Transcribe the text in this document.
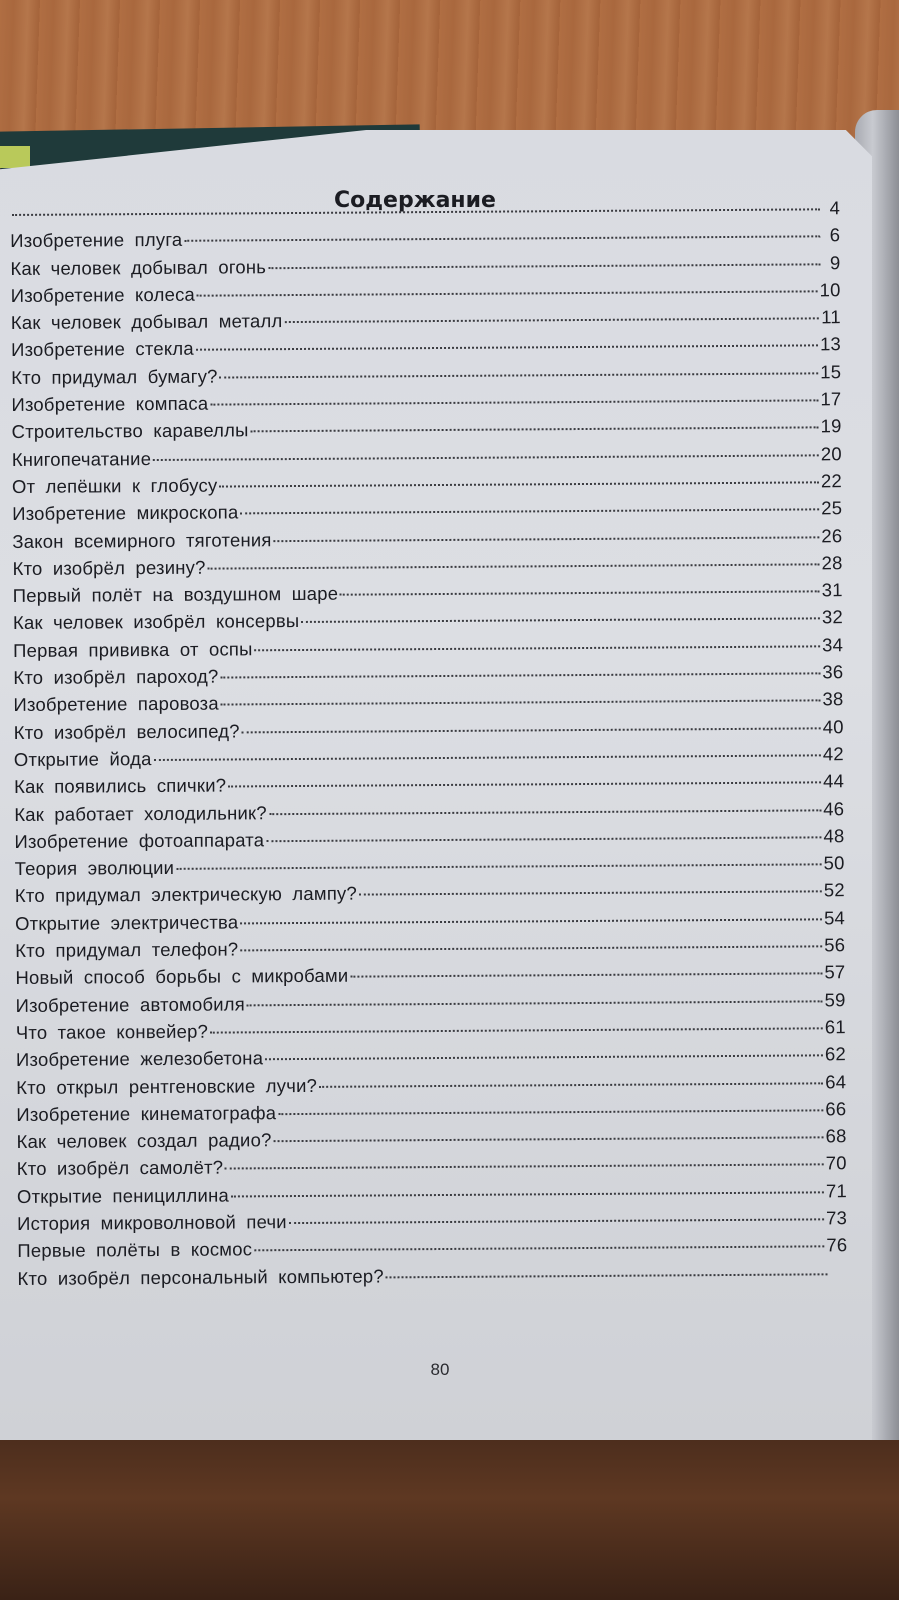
Содержание	4
Изобретение плуга	6
Как человек добывал огонь	9
Изобретение колеса	10
Как человек добывал металл	11
Изобретение стекла	13
Кто придумал бумагу?	15
Изобретение компаса	17
Строительство каравеллы	19
Книгопечатание	20
От лепёшки к глобусу	22
Изобретение микроскопа	25
Закон всемирного тяготения	26
Кто изобрёл резину?	28
Первый полёт на воздушном шаре	31
Как человек изобрёл консервы	32
Первая прививка от оспы	34
Кто изобрёл пароход?	36
Изобретение паровоза	38
Кто изобрёл велосипед?	40
Открытие йода	42
Как появились спички?	44
Как работает холодильник?	46
Изобретение фотоаппарата	48
Теория эволюции	50
Кто придумал электрическую лампу?	52
Открытие электричества	54
Кто придумал телефон?	56
Новый способ борьбы с микробами	57
Изобретение автомобиля	59
Что такое конвейер?	61
Изобретение железобетона	62
Кто открыл рентгеновские лучи?	64
Изобретение кинематографа	66
Как человек создал радио?	68
Кто изобрёл самолёт?	70
Открытие пенициллина	71
История микроволновой печи	73
Первые полёты в космос	76
Кто изобрёл персональный компьютер?
80
